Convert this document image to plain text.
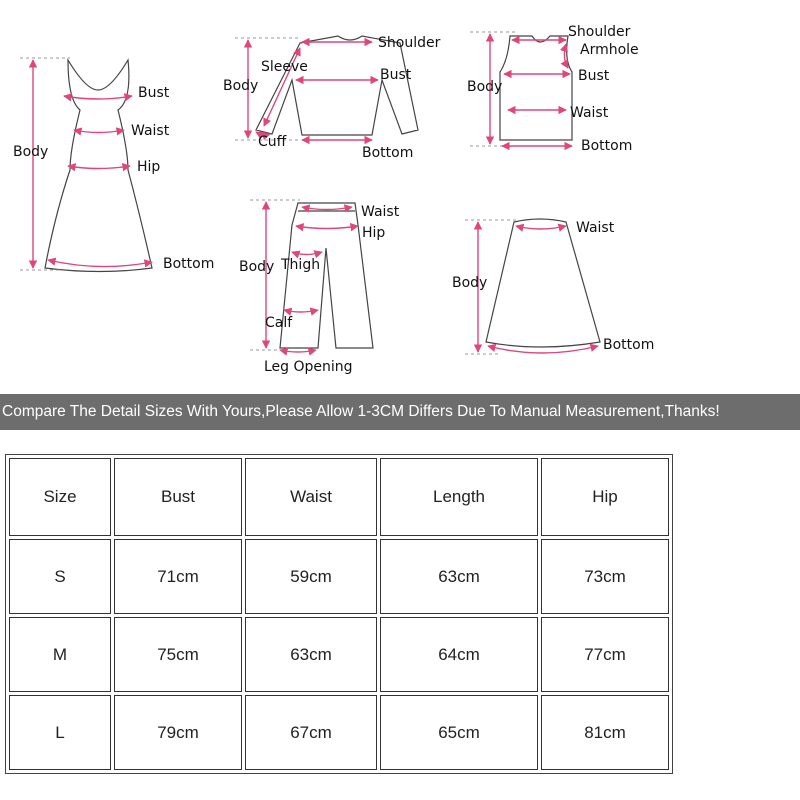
Body
Bust
Waist
Hip
Bottom
Shoulder
Sleeve
Body
Bust
Cuff
Bottom
Shoulder
Armhole
Body
Bust
Waist
Bottom
Waist
Hip
Body Thigh
Calf
Leg Opening
Waist
Body
Bottom
Compare The Detail Sizes With Yours,Please Allow 1-3CM Differs Due To Manual Measurement,Thanks!
Size	Bust	Waist	Length	Hip
S	71cm	59cm	63cm	73cm
M	75cm	63cm	64cm	77cm
L	79cm	67cm	65cm	81cm
